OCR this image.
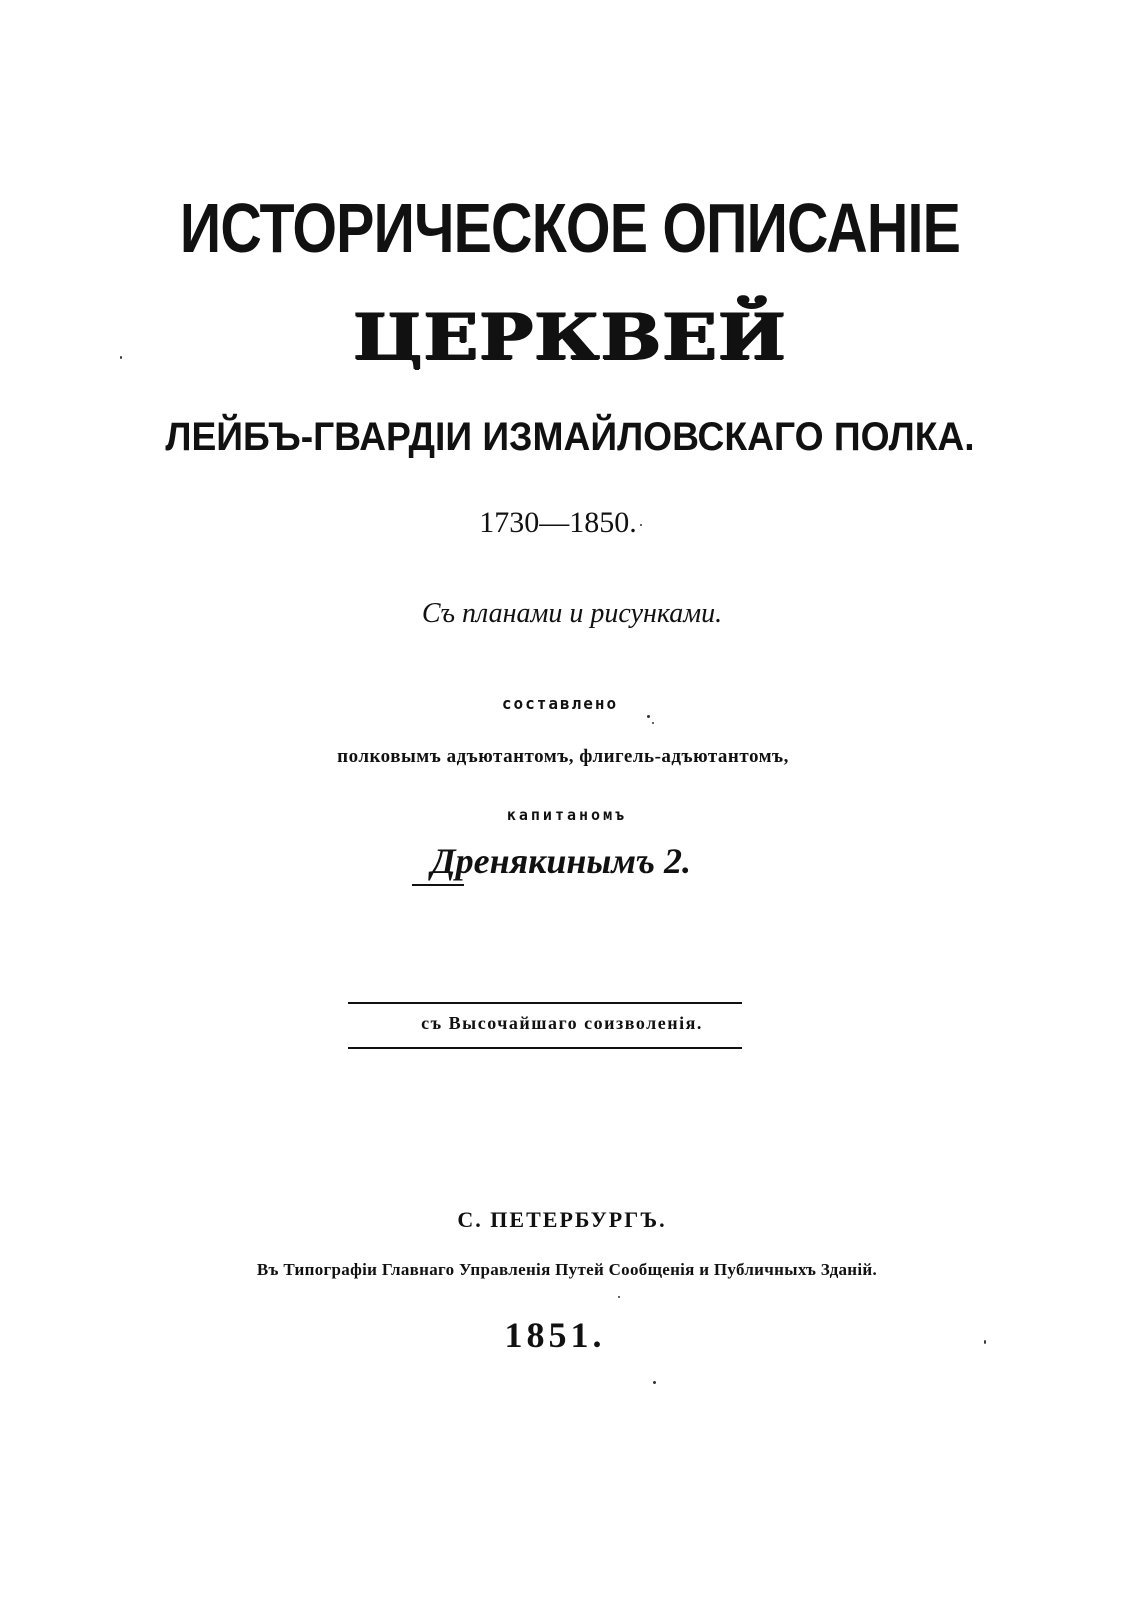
ИСТОРИЧЕСКОЕ ОПИСАНІЕ
ЦЕРКВЕЙ
ЛЕЙБЪ-ГВАРДІИ ИЗМАЙЛОВСКАГО ПОЛКА.
1730—1850.
Съ планами и рисунками.
составлено
полковымъ адъютантомъ, флигель-адъютантомъ,
капитаномъ
Дренякинымъ 2.
съ Высочайшаго соизволенія.
С. ПЕТЕРБУРГЪ.
Въ Типографіи Главнаго Управленія Путей Сообщенія и Публичныхъ Зданій.
1851.
